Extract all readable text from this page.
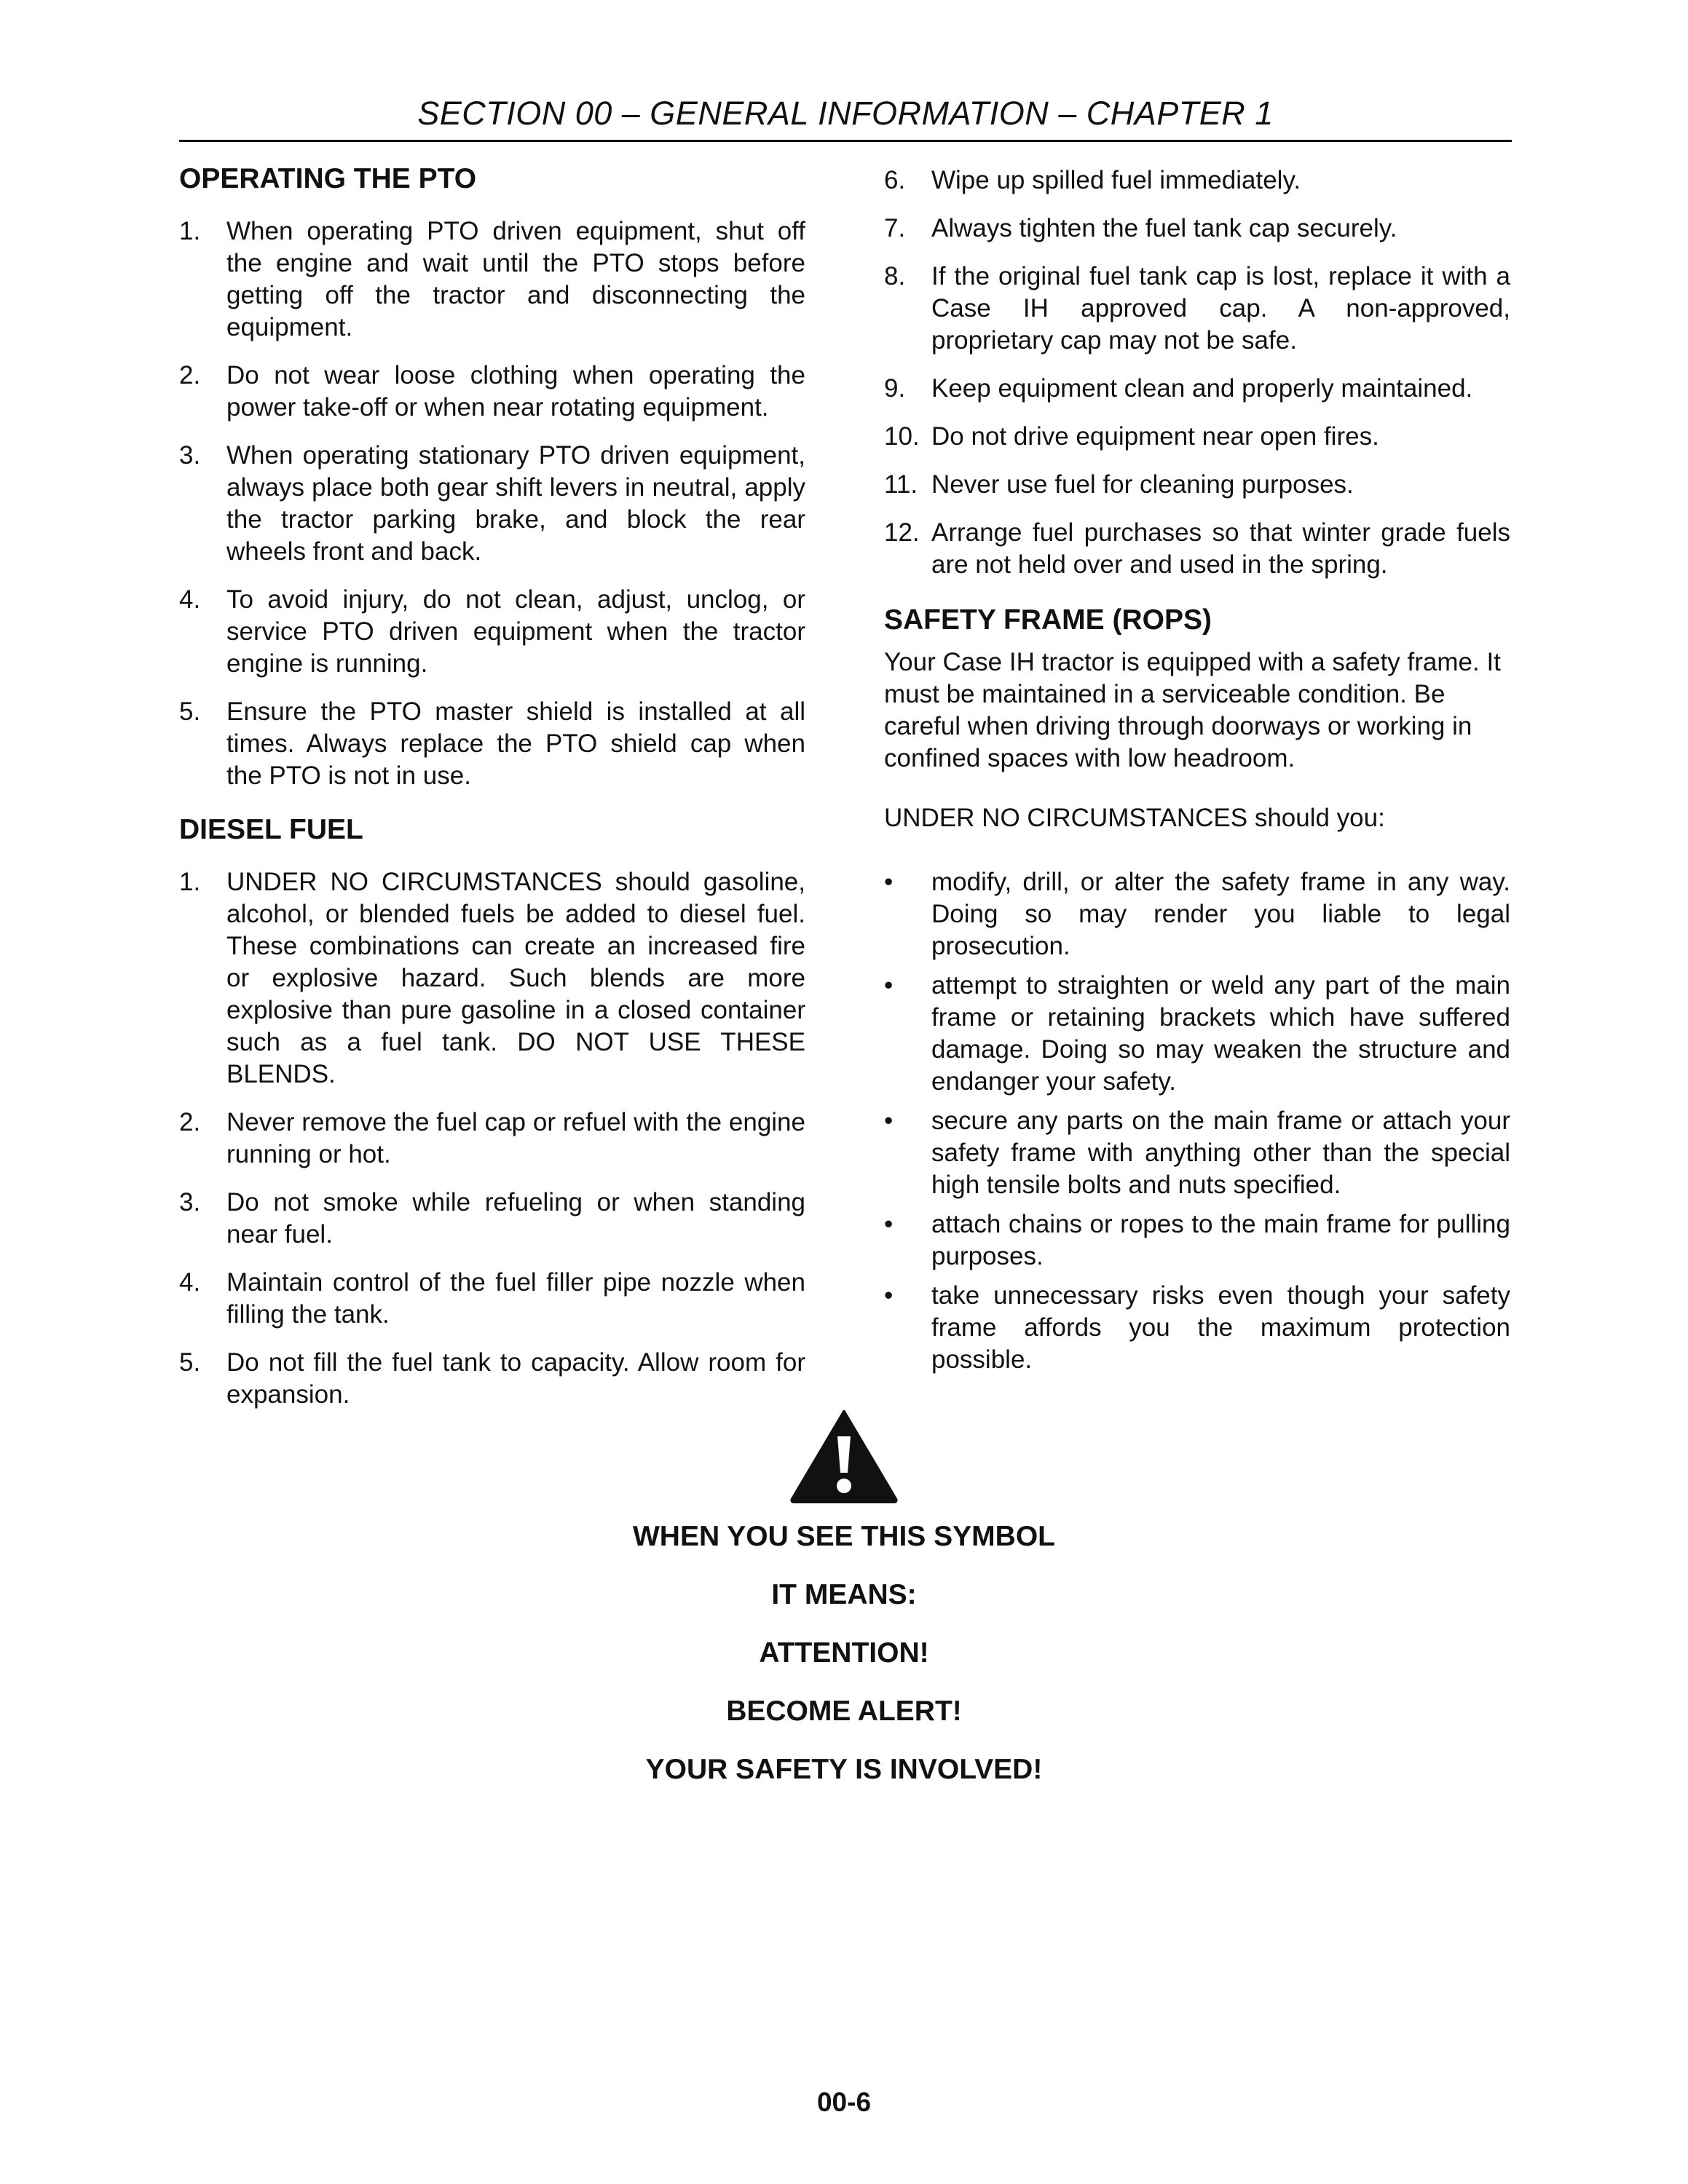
SECTION 00 – GENERAL INFORMATION – CHAPTER 1
OPERATING THE PTO
1. When operating PTO driven equipment, shut off the engine and wait until the PTO stops before getting off the tractor and disconnecting the equipment.
2. Do not wear loose clothing when operating the power take-off or when near rotating equipment.
3. When operating stationary PTO driven equipment, always place both gear shift levers in neutral, apply the tractor parking brake, and block the rear wheels front and back.
4. To avoid injury, do not clean, adjust, unclog, or service PTO driven equipment when the tractor engine is running.
5. Ensure the PTO master shield is installed at all times. Always replace the PTO shield cap when the PTO is not in use.
DIESEL FUEL
1. UNDER NO CIRCUMSTANCES should gasoline, alcohol, or blended fuels be added to diesel fuel. These combinations can create an increased fire or explosive hazard. Such blends are more explosive than pure gasoline in a closed container such as a fuel tank. DO NOT USE THESE BLENDS.
2. Never remove the fuel cap or refuel with the engine running or hot.
3. Do not smoke while refueling or when standing near fuel.
4. Maintain control of the fuel filler pipe nozzle when filling the tank.
5. Do not fill the fuel tank to capacity. Allow room for expansion.
6. Wipe up spilled fuel immediately.
7. Always tighten the fuel tank cap securely.
8. If the original fuel tank cap is lost, replace it with a Case IH approved cap. A non-approved, proprietary cap may not be safe.
9. Keep equipment clean and properly maintained.
10. Do not drive equipment near open fires.
11. Never use fuel for cleaning purposes.
12. Arrange fuel purchases so that winter grade fuels are not held over and used in the spring.
SAFETY FRAME (ROPS)

Your Case IH tractor is equipped with a safety frame. It must be maintained in a serviceable condition. Be careful when driving through doorways or working in confined spaces with low headroom.

UNDER NO CIRCUMSTANCES should you:

• modify, drill, or alter the safety frame in any way. Doing so may render you liable to legal prosecution.
• attempt to straighten or weld any part of the main frame or retaining brackets which have suffered damage. Doing so may weaken the structure and endanger your safety.
• secure any parts on the main frame or attach your safety frame with anything other than the special high tensile bolts and nuts specified.
• attach chains or ropes to the main frame for pulling purposes.
• take unnecessary risks even though your safety frame affords you the maximum protection possible.

WHEN YOU SEE THIS SYMBOL

IT MEANS:

ATTENTION!

BECOME ALERT!

YOUR SAFETY IS INVOLVED!

00-6
